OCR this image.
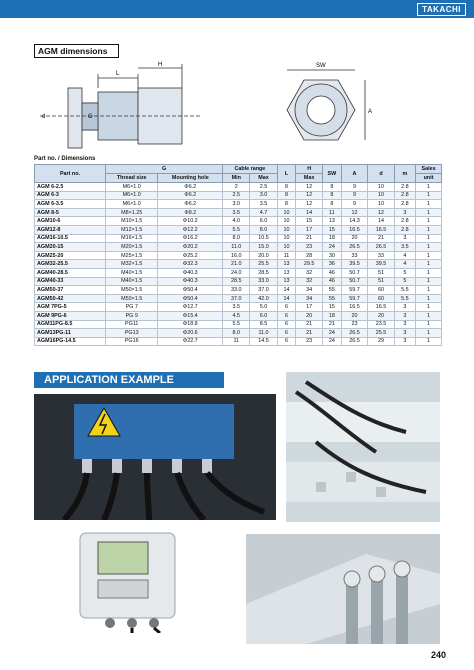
TAKACHI
AGM dimensions
L
H
d	G
SW
A
Part no. / Dimensions
Part no.	G		Cable range		L	H	SW	A	d	m	Sales
	Thread size	Mounting hole	Min	Max		Max					unit
AGM 6-2.5	M6×1.0	Φ6.2	2	2.5	8	12	8	9	10	2.8	1
AGM 6-3	M6×1.0	Φ6.2	2.5	3.0	8	12	8	9	10	2.8	1
AGM 6-3.5	M6×1.0	Φ6.2	3.0	3.5	8	12	8	9	10	2.8	1
AGM 8-5	M8×1.25	Φ8.2	3.5	4.7	10	14	11	12	12	3	1
AGM10-6	M10×1.5	Φ10.2	4.0	6.0	10	15	13	14.3	14	2.8	1
AGM12-8	M12×1.5	Φ12.2	5.5	8.0	10	17	15	16.5	16.5	2.8	1
AGM16-10.5	M16×1.5	Φ16.2	8.0	10.5	10	21	18	20	21	3	1
AGM20-15	M20×1.5	Φ20.2	11.0	15.0	10	23	24	26.5	26.5	3.5	1
AGM25-20	M25×1.5	Φ25.2	16.0	20.0	11	28	30	33	33	4	1
AGM32-25.5	M32×1.5	Φ32.3	21.0	25.5	13	29.5	36	39.5	39.5	4	1
AGM40-28.5	M40×1.5	Φ40.3	24.0	28.5	13	32	46	50.7	51	5	1
AGM40-33	M40×1.5	Φ40.3	28.5	33.0	13	32	46	50.7	51	5	1
AGM50-37	M50×1.5	Φ50.4	33.0	37.0	14	34	55	59.7	60	5.5	1
AGM50-42	M50×1.5	Φ50.4	37.0	42.0	14	34	55	59.7	60	5.5	1
AGM 7PG-5	PG 7	Φ12.7	3.5	5.0	6	17	15	16.5	16.5	3	1
AGM 9PG-6	PG 9	Φ15.4	4.5	6.0	6	20	18	20	20	3	1
AGM11PG-8.5	PG11	Φ18.8	5.5	8.5	6	21	21	23	23.5	3	1
AGM13PG-11	PG13	Φ20.6	8.0	11.0	6	21	24	26.5	25.5	3	1
AGM16PG-14.5	PG16	Φ22.7	11	14.5	6	23	24	26.5	29	3	1
APPLICATION EXAMPLE
240
